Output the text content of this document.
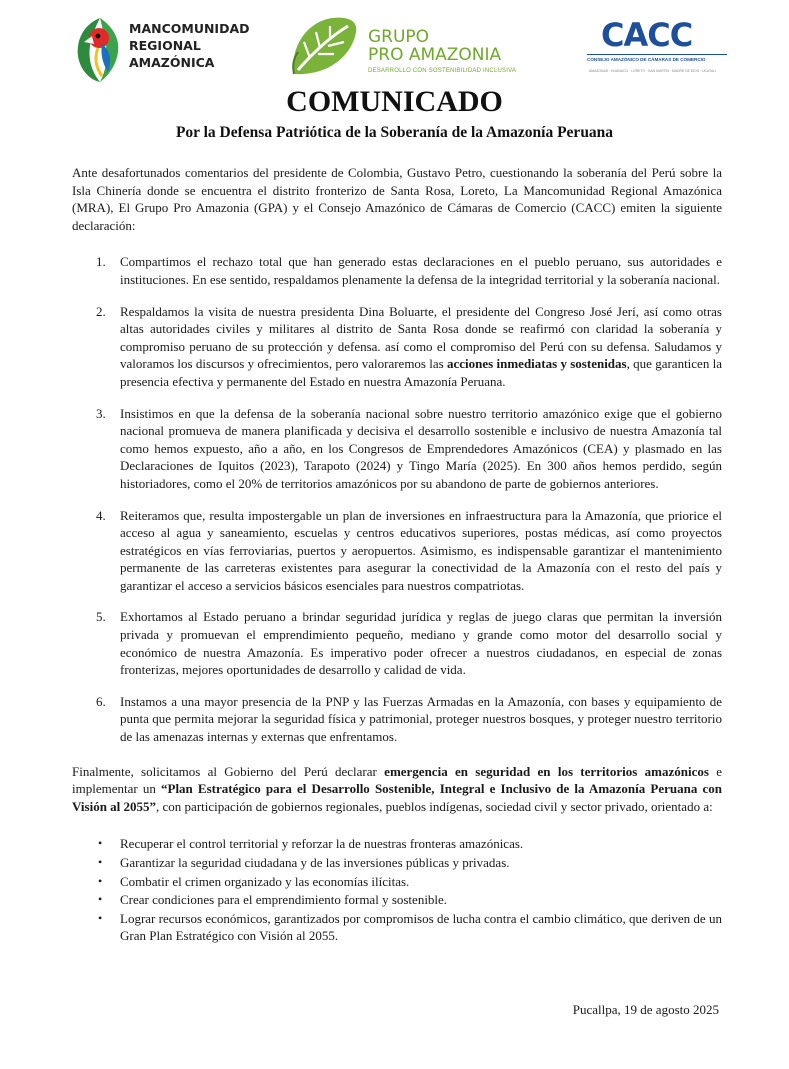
MANCOMUNIDAD
REGIONAL
AMAZÓNICA
GRUPO
PRO AMAZONIA
DESARROLLO CON SOSTENIBILIDAD INCLUSIVA
CACC
CONSEJO AMAZÓNICO DE CÁMARAS DE COMERCIO
AMAZONAS · HUÁNUCO · LORETO · SAN MARTÍN · MADRE DE DIOS · UCAYALI
COMUNICADO
Por la Defensa Patriótica de la Soberanía de la Amazonía Peruana

Ante desafortunados comentarios del presidente de Colombia, Gustavo Petro, cuestionando la soberanía del Perú sobre la Isla Chinería donde se encuentra el distrito fronterizo de Santa Rosa, Loreto, La Mancomunidad Regional Amazónica (MRA), El Grupo Pro Amazonia (GPA) y el Consejo Amazónico de Cámaras de Comercio (CACC) emiten la siguiente declaración:

1. Compartimos el rechazo total que han generado estas declaraciones en el pueblo peruano, sus autoridades e instituciones. En ese sentido, respaldamos plenamente la defensa de la integridad territorial y la soberanía nacional.
2. Respaldamos la visita de nuestra presidenta Dina Boluarte, el presidente del Congreso José Jerí, así como otras altas autoridades civiles y militares al distrito de Santa Rosa donde se reafirmó con claridad la soberanía y compromiso peruano de su protección y defensa. así como el compromiso del Perú con su defensa. Saludamos y valoramos los discursos y ofrecimientos, pero valoraremos las acciones inmediatas y sostenidas, que garanticen la presencia efectiva y permanente del Estado en nuestra Amazonía Peruana.
3. Insistimos en que la defensa de la soberanía nacional sobre nuestro territorio amazónico exige que el gobierno nacional promueva de manera planificada y decisiva el desarrollo sostenible e inclusivo de nuestra Amazonía tal como hemos expuesto, año a año, en los Congresos de Emprendedores Amazónicos (CEA) y plasmado en las Declaraciones de Iquitos (2023), Tarapoto (2024) y Tingo María (2025). En 300 años hemos perdido, según historiadores, como el 20% de territorios amazónicos por su abandono de parte de gobiernos anteriores.
4. Reiteramos que, resulta impostergable un plan de inversiones en infraestructura para la Amazonía, que priorice el acceso al agua y saneamiento, escuelas y centros educativos superiores, postas médicas, así como proyectos estratégicos en vías ferroviarias, puertos y aeropuertos. Asimismo, es indispensable garantizar el mantenimiento permanente de las carreteras existentes para asegurar la conectividad de la Amazonía con el resto del país y garantizar el acceso a servicios básicos esenciales para nuestros compatriotas.
5. Exhortamos al Estado peruano a brindar seguridad jurídica y reglas de juego claras que permitan la inversión privada y promuevan el emprendimiento pequeño, mediano y grande como motor del desarrollo social y económico de nuestra Amazonía. Es imperativo poder ofrecer a nuestros ciudadanos, en especial de zonas fronterizas, mejores oportunidades de desarrollo y calidad de vida.
6. Instamos a una mayor presencia de la PNP y las Fuerzas Armadas en la Amazonía, con bases y equipamiento de punta que permita mejorar la seguridad física y patrimonial, proteger nuestros bosques, y proteger nuestro territorio de las amenazas internas y externas que enfrentamos.

Finalmente, solicitamos al Gobierno del Perú declarar emergencia en seguridad en los territorios amazónicos e implementar un “Plan Estratégico para el Desarrollo Sostenible, Integral e Inclusivo de la Amazonía Peruana con Visión al 2055”, con participación de gobiernos regionales, pueblos indígenas, sociedad civil y sector privado, orientado a:

• Recuperar el control territorial y reforzar la de nuestras fronteras amazónicas.
• Garantizar la seguridad ciudadana y de las inversiones públicas y privadas.
• Combatir el crimen organizado y las economías ilícitas.
• Crear condiciones para el emprendimiento formal y sostenible.
• Lograr recursos económicos, garantizados por compromisos de lucha contra el cambio climático, que deriven de un Gran Plan Estratégico con Visión al 2055.
Pucallpa, 19 de agosto 2025
